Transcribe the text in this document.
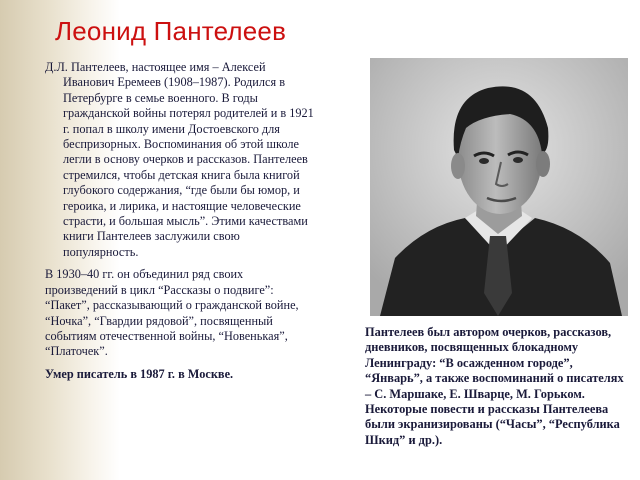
Леонид Пантелеев

Д.Л. Пантелеев, настоящее имя – Алексей Иванович Еремеев (1908–1987). Родился в Петербурге в семье военного. В годы гражданской войны потерял родителей и в 1921 г. попал в школу имени Достоевского для беспризорных. Воспоминания об этой школе легли в основу очерков и рассказов. Пантелеев стремился, чтобы детская книга была книгой глубокого содержания, “где были бы юмор, и героика, и лирика, и настоящие человеческие страсти, и большая мысль”. Этими качествами книги Пантелеев заслужили свою популярность.

В 1930–40 гг. он объединил ряд своих произведений в цикл “Рассказы о подвиге”: “Пакет”, рассказывающий о гражданской войне, “Ночка”, “Гвардии рядовой”, посвященный событиям отечественной войны, “Новенькая”, “Платочек”.

Умер писатель в 1987 г. в Москве.

Пантелеев был автором очерков, рассказов, дневников, посвященных блокадному Ленинграду: “В осажденном городе”, “Январь”, а также воспоминаний о писателях – С. Маршаке, Е. Шварце, М. Горьком. Некоторые повести и рассказы Пантелеева были экранизированы (“Часы”, “Республика Шкид” и др.).
